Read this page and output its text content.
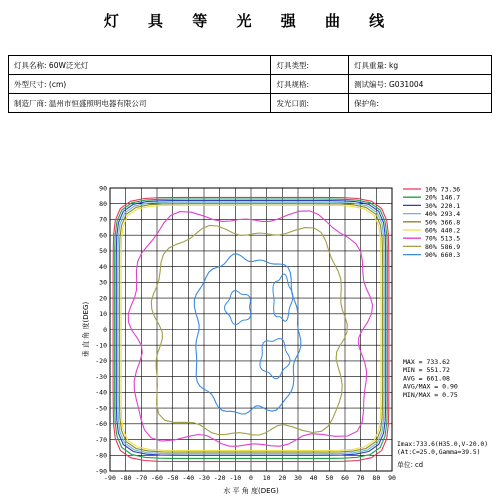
灯 具 等 光 强 曲 线
灯具名称: 60W泛光灯	灯具类型:	灯具重量: kg
外型尺寸: (cm)	灯具规格:	测试编号: G031004
制造厂商: 温州市恒盛照明电器有限公司	发光口面:	保护角:
-90 -80 -70 -60 -50 -40 -30 -20 -10 0 10 20 30 40 50 60 70 80 90
90
80
70
60
50
40
30
20
10
0
-10
-20
-30
-40
-50
-60
-70
-80
-90
水 平 角 度(DEG)
垂 直 角 度(DEG)
10% 73.36
20% 146.7
30% 220.1
40% 293.4
50% 366.8
60% 440.2
70% 513.5
80% 586.9
90% 660.3
MAX = 733.62
MIN = 551.72
AVG = 661.08
AVG/MAX = 0.90
MIN/MAX = 0.75
Imax:733.6(H35.0,V-20.0)
(At:C=25.0,Gamma=39.5)
单位: cd
